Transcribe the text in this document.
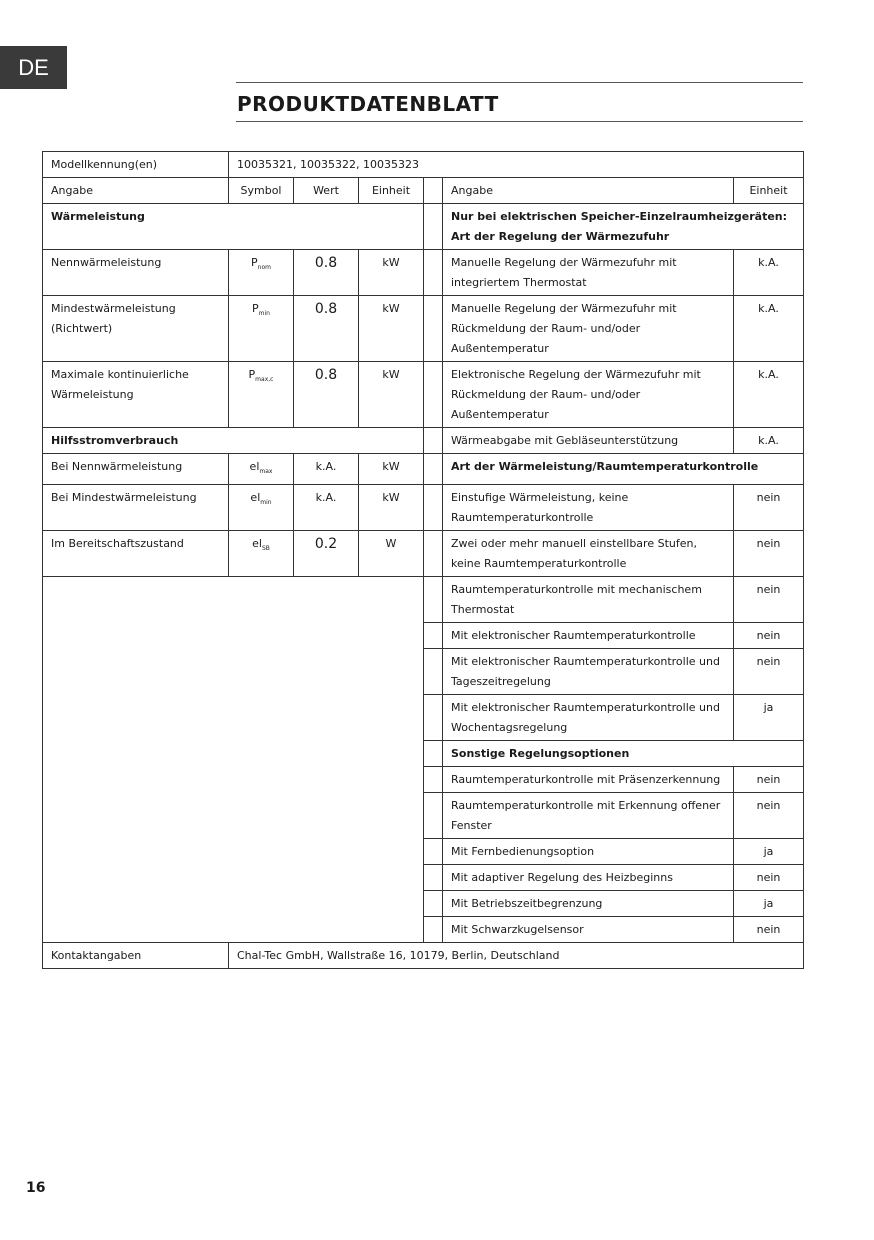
DE
PRODUKTDATENBLATT
Modellkennung(en)	10035321, 10035322, 10035323					
Angabe	Symbol	Wert	Einheit		Angabe	Einheit
Wärmeleistung					Nur bei elektrischen Speicher-Einzelraumheizgeräten: Art der Regelung der Wärmezufuhr	
Nennwärmeleistung	$P_{nom}$	0.8	kW		Manuelle Regelung der Wärmezufuhr mit integriertem Thermostat	k.A.
Mindestwärmeleistung (Richtwert)	$P_{min}$	0.8	kW		Manuelle Regelung der Wärmezufuhr mit Rückmeldung der Raum- und/oder Außentemperatur	k.A.
Maximale kontinuierliche Wärmeleistung	$P_{max,c}$	0.8	kW		Elektronische Regelung der Wärmezufuhr mit Rückmeldung der Raum- und/oder Außentemperatur	k.A.
Hilfsstromverbrauch					Wärmeabgabe mit Gebläseunterstützung	k.A.
Bei Nennwärmeleistung	$el_{max}$	k.A.	kW		Art der Wärmeleistung/Raumtemperaturkontrolle	
Bei Mindestwärmeleistung	$el_{min}$	k.A.	kW		Einstufige Wärmeleistung, keine Raumtemperaturkontrolle	nein
Im Bereitschaftszustand	$el_{SB}$	0.2	W		Zwei oder mehr manuell einstellbare Stufen, keine Raumtemperaturkontrolle	nein
					Raumtemperaturkontrolle mit mechanischem Thermostat	nein
					Mit elektronischer Raumtemperaturkontrolle	nein
					Mit elektronischer Raumtemperaturkontrolle und Tageszeitregelung	nein
					Mit elektronischer Raumtemperaturkontrolle und Wochentagsregelung	ja
					Sonstige Regelungsoptionen	
					Raumtemperaturkontrolle mit Präsenzerkennung	nein
					Raumtemperaturkontrolle mit Erkennung offener Fenster	nein
					Mit Fernbedienungsoption	ja
					Mit adaptiver Regelung des Heizbeginns	nein
					Mit Betriebszeitbegrenzung	ja
					Mit Schwarzkugelsensor	nein
Kontaktangaben	Chal-Tec GmbH, Wallstraße 16, 10179, Berlin, Deutschland					
16
